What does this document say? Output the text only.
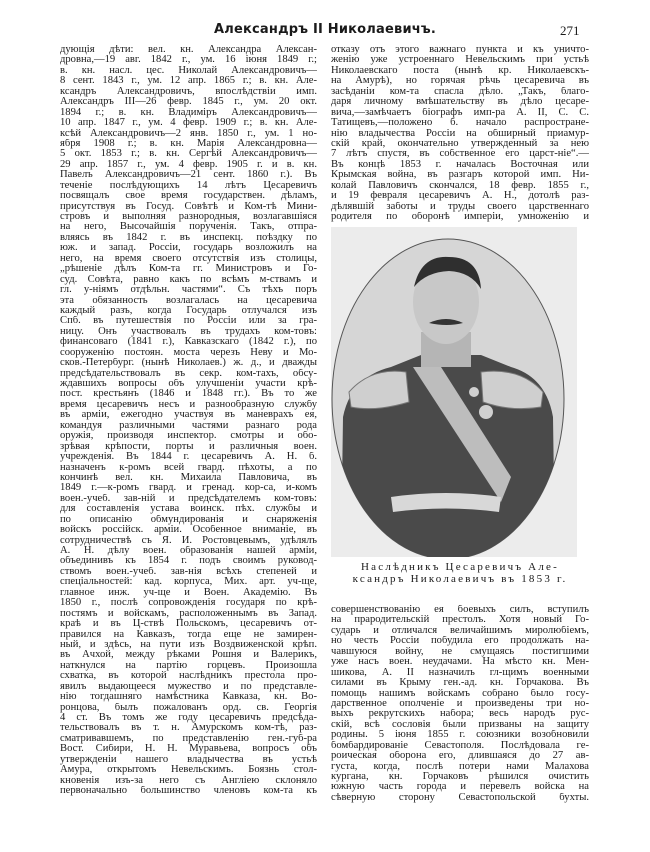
Александръ II Николаевичъ.	271
дующія дѣти: вел. кн. Александра Алексан-
дровна,—19 авг. 1842 г., ум. 16 іюня 1849 г.;
в. кн. насл. цес. Николай Александровичъ—
8 сент. 1843 г., ум. 12 апр. 1865 г.; в. кн. Але-
ксандръ Александровичъ, впослѣдствіи имп.
Александръ III—26 февр. 1845 г., ум. 20 окт.
1894 г.; в. кн. Владиміръ Александровичъ—
10 апр. 1847 г., ум. 4 февр. 1909 г.; в. кн. Але-
ксѣй Александровичъ—2 янв. 1850 г., ум. 1 но-
ября 1908 г.; в. кн. Марія Александровна—
5 окт. 1853 г.; в. кн. Сергѣй Александровичъ—
29 апр. 1857 г., ум. 4 февр. 1905 г. и в. кн.
Павелъ Александровичъ—21 сент. 1860 г.). Въ
теченіе послѣдующихъ 14 лѣтъ Цесаревичъ
посвящалъ свое время государствен. дѣламъ,
присутствуя въ Госуд. Совѣтѣ и Ком-тѣ Мини-
стровъ и выполняя разнородныя, возлагавшіяся
на него, Высочайшія порученія. Такъ, отпра-
вляясь въ 1842 г. въ инспекц. поѣздку по
юж. и запад. Россіи, государь возложилъ на
него, на время своего отсутствія изъ столицы,
„рѣшеніе дѣлъ Ком-та гг. Министровъ и Го-
суд. Совѣта, равно какъ по всѣмъ м-ствамъ и
гл. у-ніямъ отдѣльн. частями“. Съ тѣхъ поръ
эта обязанность возлагалась на цесаревича
каждый разъ, когда Государь отлучался изъ
Спб. въ путешествія по Россіи или за гра-
ницу. Онъ участвовалъ въ трудахъ ком-товъ:
финансоваго (1841 г.), Кавказскаго (1842 г.), по
сооруженію постоян. моста черезъ Неву и Мо-
сков.-Петербург. (нынѣ Николаев.) ж. д., и дважды
предсѣдательствовалъ въ секр. ком-тахъ, обсу-
ждавшихъ вопросы объ улучшеніи участи крѣ-
пост. крестьянъ (1846 и 1848 гг.). Въ то же
время цесаревичъ несъ и разнообразную службу
въ арміи, ежегодно участвуя въ маневрахъ ея,
командуя различными частями разнаго рода
оружія, производя инспектор. смотры и обо-
зрѣвая крѣпости, порты и различныя воен.
учрежденія. Въ 1844 г. цесаревичъ А. Н. б.
назначенъ к-ромъ всей гвард. пѣхоты, а по
кончинѣ вел. кн. Михаила Павловича, въ
1849 г.—к-ромъ гвард. и гренад. кор-са, и-комъ
воен.-учеб. зав-ній и предсѣдателемъ ком-товъ:
для составленія устава воинск. пѣх. службы и
по описанію обмундированія и снаряженія
войскъ россійск. арміи. Особенное вниманіе, въ
сотрудничествѣ съ Я. И. Ростовцевымъ, удѣлялъ
А. Н. дѣлу воен. образованія нашей арміи,
объединивъ къ 1854 г. подъ своимъ руковод-
ствомъ воен.-учеб. зав-нія всѣхъ степеней и
спеціальностей: кад. корпуса, Мих. арт. уч-ще,
главное инж. уч-ще и Воен. Академію. Въ
1850 г., послѣ сопровожденія государя по крѣ-
постямъ и войскамъ, расположеннымъ въ Запад.
краѣ и въ Ц-ствѣ Польскомъ, цесаревичъ от-
правился на Кавказъ, тогда еще не замирен-
ный, и здѣсь, на пути изъ Воздвиженской крѣп.
въ Ачхой, между рѣками Рошня и Валерикъ,
наткнулся на партію горцевъ. Произошла
схватка, въ которой наслѣдникъ престола про-
явилъ выдающееся мужество и по представле-
нію тогдашняго намѣстника Кавказа, кн. Во-
ронцова, былъ пожалованъ орд. св. Георгія
4 ст. Въ томъ же году цесаревичъ предсѣда-
тельствовалъ въ т. н. Амурскомъ ком-тѣ, раз-
сматривавшемъ, по представленію ген.-губ-ра
Вост. Сибири, Н. Н. Муравьева, вопросъ объ
утвержденіи нашего владычества въ устьѣ
Амура, открытомъ Невельскимъ. Боязнь стол-
кновенія изъ-за него съ Англіею склоняло
первоначально большинство членовъ ком-та къ
отказу отъ этого важнаго пункта и къ уничто-
женію уже устроеннаго Невельскимъ при устьѣ
Николаевскаго поста (нынѣ кр. Николаевскъ-
на Амурѣ), но горячая рѣчь цесаревича въ
засѣданіи ком-та спасла дѣло. „Такъ, благо-
даря личному вмѣшательству въ дѣло цесаре-
вича,—замѣчаетъ біографъ имп-ра А. II, С. С.
Татищевъ,—положено б. начало распростране-
нію владычества Россіи на обширный приамур-
скій край, окончательно утвержденный за нею
7 лѣтъ спустя, въ собственное его царст-ніе“.—
Въ концѣ 1853 г. началась Восточная или
Крымская война, въ разгаръ которой имп. Ни-
колай Павловичъ скончался, 18 февр. 1855 г.,
и 19 февраля цесаревичъ А. Н., дотолѣ раз-
дѣлявшій заботы и труды своего царственнаго
родителя по оборонѣ имперіи, умноженію и
Наслѣдникъ Цесаревичъ Але-
ксандръ Николаевичъ въ 1853 г.
совершенствованію ея боевыхъ силъ, вступилъ
на прародительскій престолъ. Хотя новый Го-
сударь и отличался величайшимъ миролюбіемъ,
но честь Россіи побудила его продолжать на-
чавшуюся войну, не смущаясь постигшими
уже насъ воен. неудачами. На мѣсто кн. Мен-
шикова, А. II назначилъ гл-щимъ военными
силами въ Крыму ген.-ад. кн. Горчакова. Въ
помощь нашимъ войскамъ собрано было госу-
дарственное ополченіе и произведены три но-
выхъ рекрутскихъ набора; весь народъ рус-
скій, всѣ сословія были призваны на защиту
родины. 5 іюня 1855 г. союзники возобновили
бомбардированіе Севастополя. Послѣдовала ге-
роическая оборона его, длившаяся до 27 ав-
густа, когда, послѣ потери нами Малахова
кургана, кн. Горчаковъ рѣшился очистить
южную часть города и перевелъ войска на
сѣверную сторону Севастопольской бухты.
